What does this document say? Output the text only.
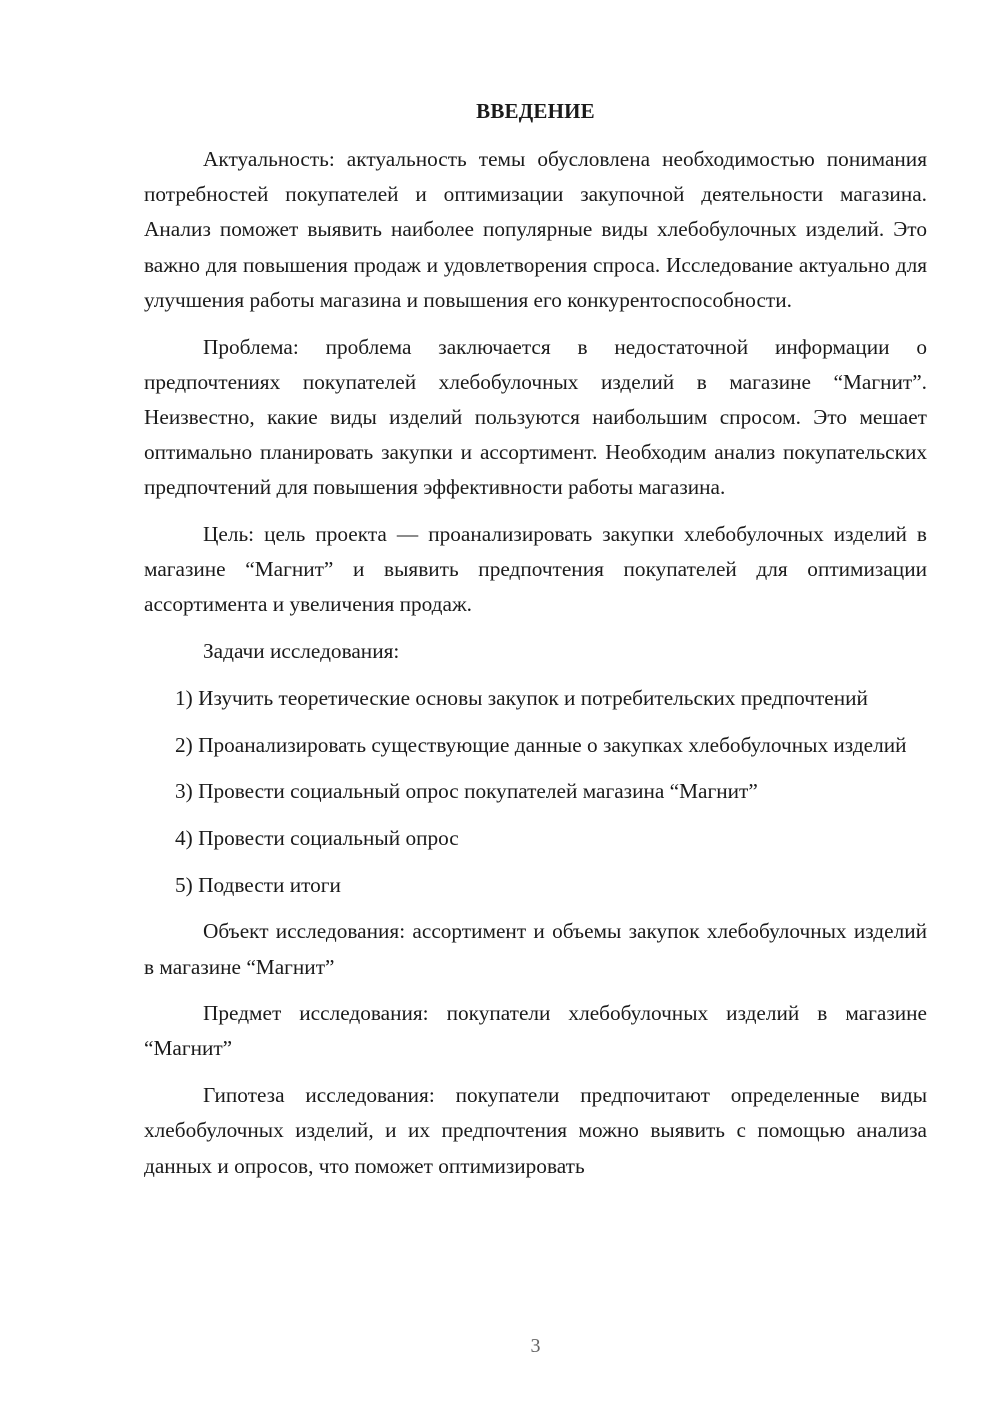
ВВЕДЕНИЕ

Актуальность: актуальность темы обусловлена необходимостью понимания потребностей покупателей и оптимизации закупочной деятельности магазина. Анализ поможет выявить наиболее популярные виды хлебобулочных изделий. Это важно для повышения продаж и удовлетворения спроса. Исследование актуально для улучшения работы магазина и повышения его конкурентоспособности.

Проблема: проблема заключается в недостаточной информации о предпочтениях покупателей хлебобулочных изделий в магазине “Магнит”. Неизвестно, какие виды изделий пользуются наибольшим спросом. Это мешает оптимально планировать закупки и ассортимент. Необходим анализ покупательских предпочтений для повышения эффективности работы магазина.

Цель: цель проекта — проанализировать закупки хлебобулочных изделий в магазине “Магнит” и выявить предпочтения покупателей для оптимизации ассортимента и увеличения продаж.

Задачи исследования:

1) Изучить теоретические основы закупок и потребительских предпочтений

2) Проанализировать существующие данные о закупках хлебобулочных изделий

3) Провести социальный опрос покупателей магазина “Магнит”

4) Провести социальный опрос

5) Подвести итоги

Объект исследования: ассортимент и объемы закупок хлебобулочных изделий в магазине “Магнит”

Предмет исследования: покупатели хлебобулочных изделий в магазине “Магнит”

Гипотеза исследования: покупатели предпочитают определенные виды хлебобулочных изделий, и их предпочтения можно выявить с помощью анализа данных и опросов, что поможет оптимизировать

3
